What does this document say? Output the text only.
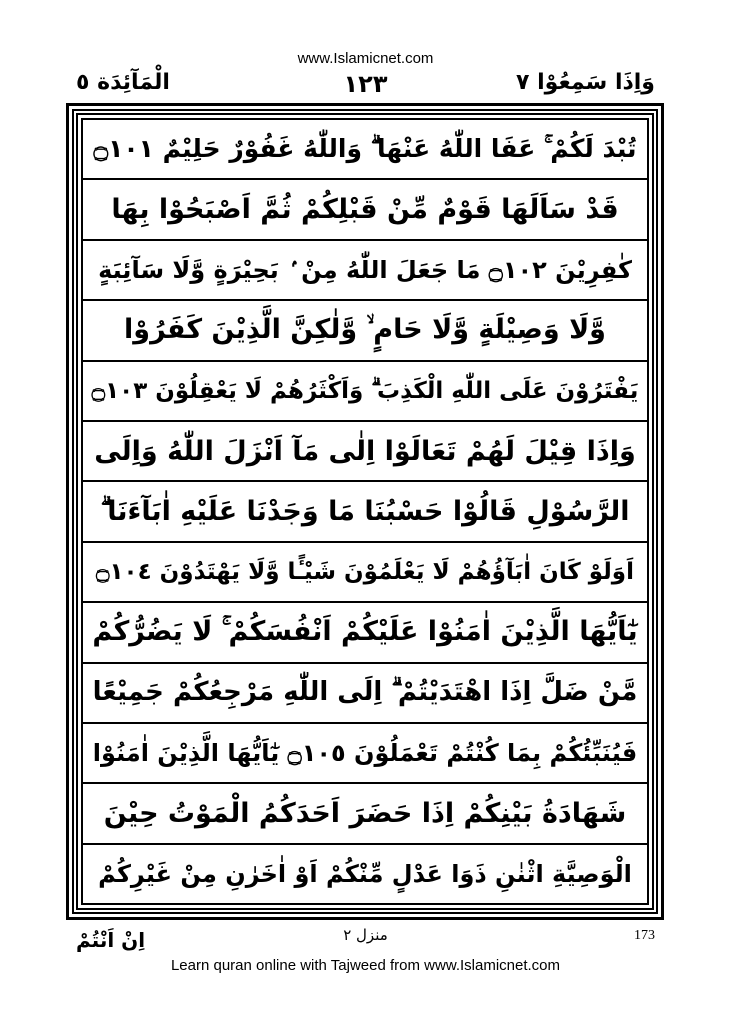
www.Islamicnet.com
الْمَآئِدَة ٥	١٢٣	وَاِذَا سَمِعُوْا ٧
تُبْدَ لَكُمْ ۚ عَفَا اللّٰهُ عَنْهَا ۗ وَاللّٰهُ غَفُوْرٌ حَلِيْمٌ ۝١٠١
قَدْ سَاَلَهَا قَوْمٌ مِّنْ قَبْلِكُمْ ثُمَّ اَصْبَحُوْا بِهَا
كٰفِرِيْنَ ۝١٠٢ مَا جَعَلَ اللّٰهُ مِنْ ۢ بَحِيْرَةٍ وَّلَا سَآئِبَةٍ
وَّلَا وَصِيْلَةٍ وَّلَا حَامٍ ۙ وَّلٰكِنَّ الَّذِيْنَ كَفَرُوْا
يَفْتَرُوْنَ عَلَى اللّٰهِ الْكَذِبَ ۗ وَاَكْثَرُهُمْ لَا يَعْقِلُوْنَ ۝١٠٣
وَاِذَا قِيْلَ لَهُمْ تَعَالَوْا اِلٰى مَآ اَنْزَلَ اللّٰهُ وَاِلَى
الرَّسُوْلِ قَالُوْا حَسْبُنَا مَا وَجَدْنَا عَلَيْهِ اٰبَآءَنَا ۗ
اَوَلَوْ كَانَ اٰبَآؤُهُمْ لَا يَعْلَمُوْنَ شَيْـًٔا وَّلَا يَهْتَدُوْنَ ۝١٠٤
يٰٓاَيُّهَا الَّذِيْنَ اٰمَنُوْا عَلَيْكُمْ اَنْفُسَكُمْ ۚ لَا يَضُرُّكُمْ
مَّنْ ضَلَّ اِذَا اهْتَدَيْتُمْ ۗ اِلَى اللّٰهِ مَرْجِعُكُمْ جَمِيْعًا
فَيُنَبِّئُكُمْ بِمَا كُنْتُمْ تَعْمَلُوْنَ ۝١٠٥ يٰٓاَيُّهَا الَّذِيْنَ اٰمَنُوْا
شَهَادَةُ بَيْنِكُمْ اِذَا حَضَرَ اَحَدَكُمُ الْمَوْتُ حِيْنَ
الْوَصِيَّةِ اثْنٰنِ ذَوَا عَدْلٍ مِّنْكُمْ اَوْ اٰخَرٰنِ مِنْ غَيْرِكُمْ
اِنْ اَنْتُمْ	منزل ٢	173
Learn quran online with Tajweed from www.Islamicnet.com
